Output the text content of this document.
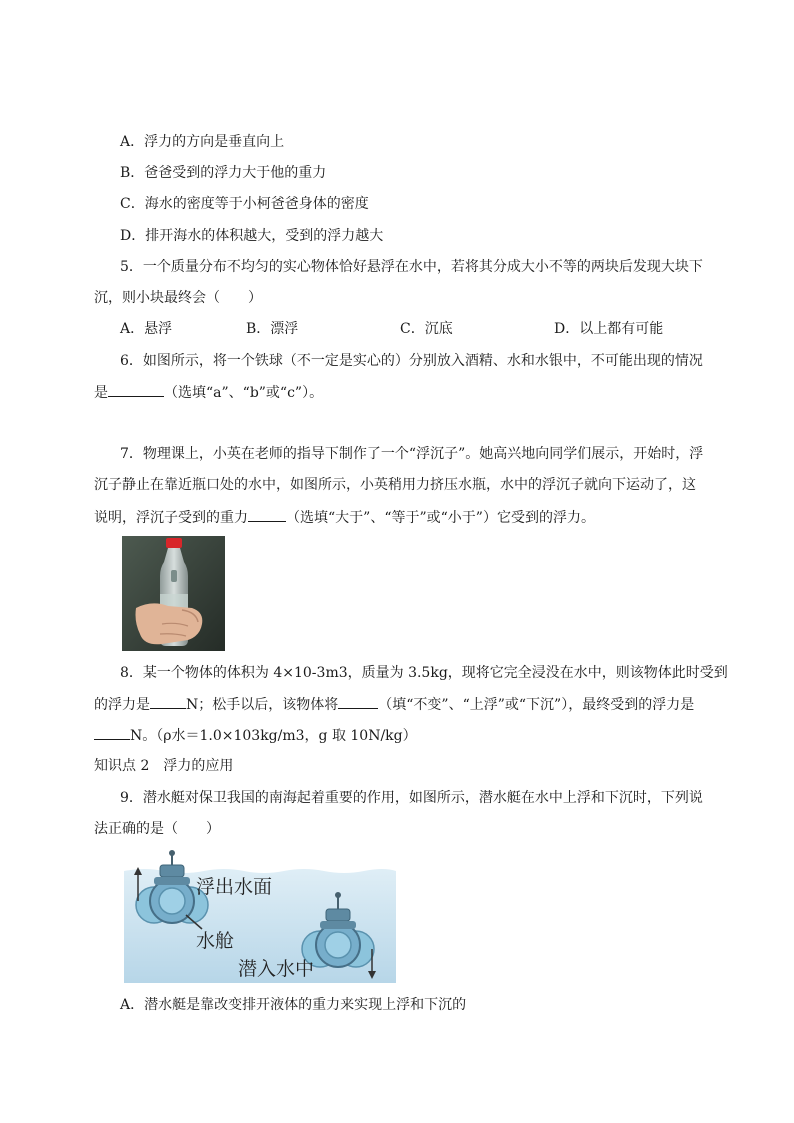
A．浮力的方向是垂直向上
B．爸爸受到的浮力大于他的重力
C．海水的密度等于小柯爸爸身体的密度
D．排开海水的体积越大，受到的浮力越大
5．一个质量分布不均匀的实心物体恰好悬浮在水中，若将其分成大小不等的两块后发现大块下
沉，则小块最终会（　　）
A．悬浮	B．漂浮	C．沉底	D．以上都有可能
6．如图所示，将一个铁球（不一定是实心的）分别放入酒精、水和水银中，不可能出现的情况
是	（选填“a”、“b”或“c”）。
7．物理课上，小英在老师的指导下制作了一个“浮沉子”。她高兴地向同学们展示，开始时，浮
沉子静止在靠近瓶口处的水中，如图所示，小英稍用力挤压水瓶，水中的浮沉子就向下运动了，这
说明，浮沉子受到的重力	（选填“大于”、“等于”或“小于”）它受到的浮力。
8．某一个物体的体积为 4×10-3m3，质量为 3.5kg，现将它完全浸没在水中，则该物体此时受到
的浮力是	N；松手以后，该物体将	（填“不变”、“上浮”或“下沉”），最终受到的浮力是
N。（ρ水＝1.0×103kg/m3，g 取 10N/kg）
知识点 2　浮力的应用
9．潜水艇对保卫我国的南海起着重要的作用，如图所示，潜水艇在水中上浮和下沉时，下列说
法正确的是（　　）
浮出水面
水舱
潜入水中
A．潜水艇是靠改变排开液体的重力来实现上浮和下沉的
